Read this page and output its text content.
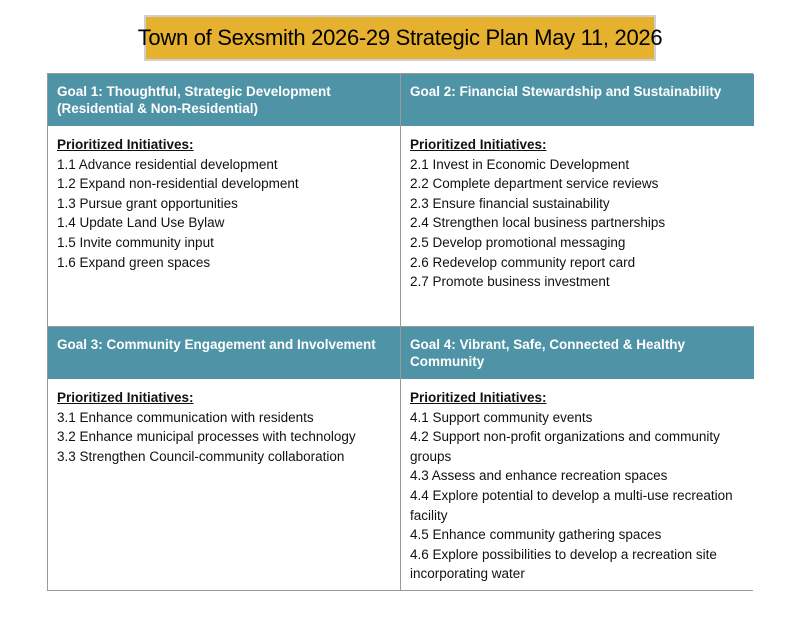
Town of Sexsmith 2026-29 Strategic Plan May 11, 2026
Goal 1: Thoughtful, Strategic Development (Residential & Non-Residential)
Goal 2: Financial Stewardship and Sustainability
Prioritized Initiatives:
1.1 Advance residential development
1.2 Expand non-residential development
1.3 Pursue grant opportunities
1.4 Update Land Use Bylaw
1.5 Invite community input
1.6 Expand green spaces
Prioritized Initiatives:
2.1 Invest in Economic Development
2.2 Complete department service reviews
2.3 Ensure financial sustainability
2.4 Strengthen local business partnerships
2.5 Develop promotional messaging
2.6 Redevelop community report card
2.7 Promote business investment
Goal 3: Community Engagement and Involvement	Goal 4: Vibrant, Safe, Connected & Healthy Community
Prioritized Initiatives:
3.1 Enhance communication with residents
3.2 Enhance municipal processes with technology
3.3 Strengthen Council-community collaboration
Prioritized Initiatives:
4.1 Support community events
4.2 Support non-profit organizations and community groups
4.3 Assess and enhance recreation spaces
4.4 Explore potential to develop a multi-use recreation facility
4.5 Enhance community gathering spaces
4.6 Explore possibilities to develop a recreation site incorporating water
